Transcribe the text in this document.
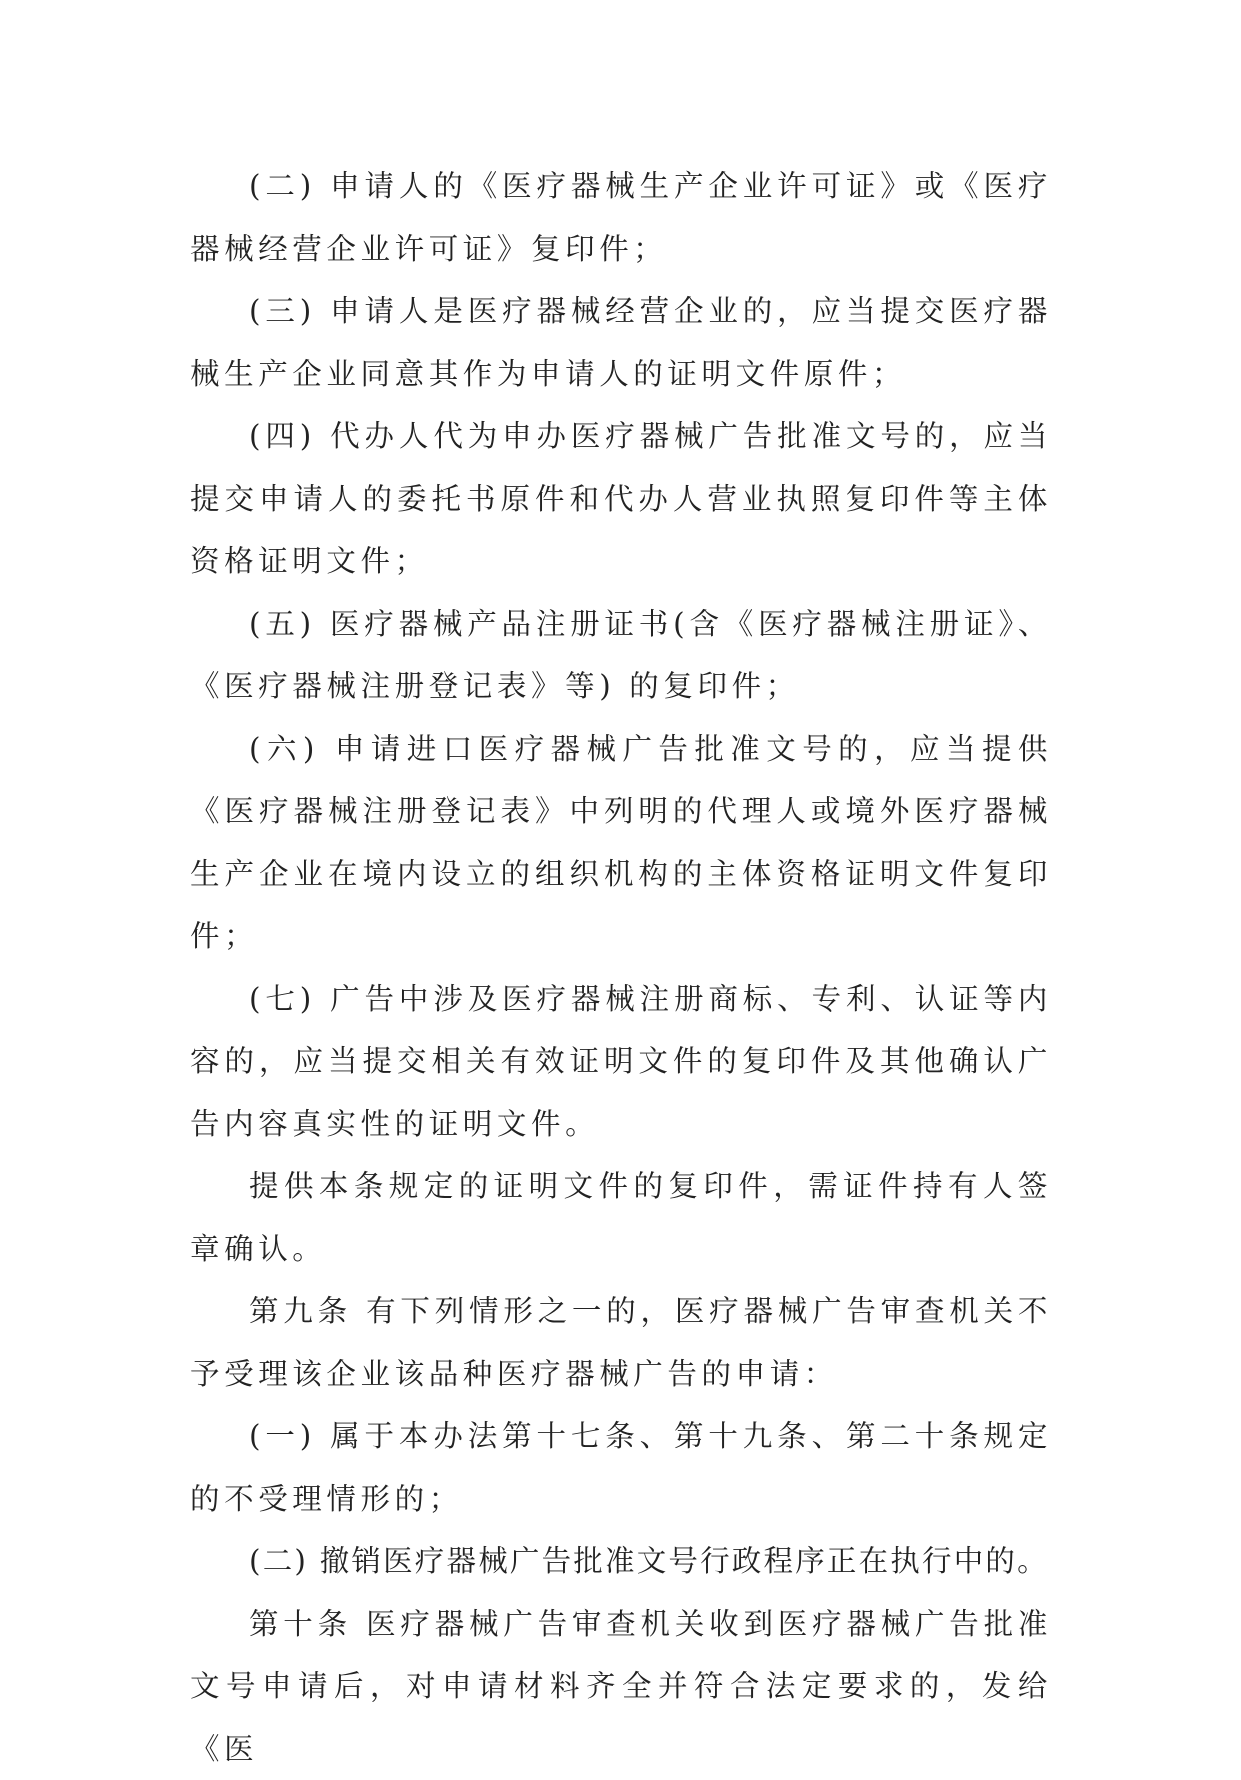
(二) 申请人的《医疗器械生产企业许可证》或《医疗器械经营企业许可证》复印件；

(三) 申请人是医疗器械经营企业的，应当提交医疗器械生产企业同意其作为申请人的证明文件原件；

(四) 代办人代为申办医疗器械广告批准文号的，应当提交申请人的委托书原件和代办人营业执照复印件等主体资格证明文件；

(五) 医疗器械产品注册证书(含《医疗器械注册证》、《医疗器械注册登记表》等) 的复印件；

(六) 申请进口医疗器械广告批准文号的，应当提供《医疗器械注册登记表》中列明的代理人或境外医疗器械生产企业在境内设立的组织机构的主体资格证明文件复印件；

(七) 广告中涉及医疗器械注册商标、专利、认证等内容的，应当提交相关有效证明文件的复印件及其他确认广告内容真实性的证明文件。

提供本条规定的证明文件的复印件，需证件持有人签章确认。

第九条 有下列情形之一的，医疗器械广告审查机关不予受理该企业该品种医疗器械广告的申请：

(一) 属于本办法第十七条、第十九条、第二十条规定的不受理情形的；

(二) 撤销医疗器械广告批准文号行政程序正在执行中的。

第十条 医疗器械广告审查机关收到医疗器械广告批准文号申请后，对申请材料齐全并符合法定要求的，发给《医
